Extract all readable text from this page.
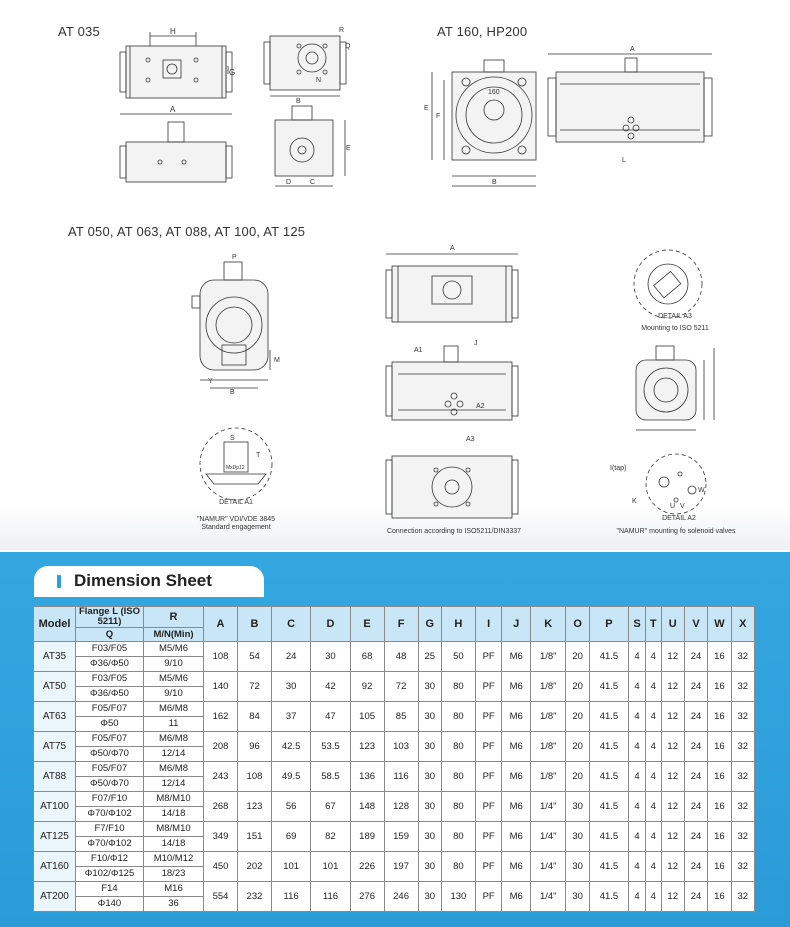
AT 035	AT 160, HP200
AT 050, AT 063, AT 088, AT 100, AT 125
H
G
A
160
R
Q
N
B
E
D	C
A
E
F
L
B
P
M
Y
B
A
A1
J
A2
A3
S
T
MxDp12	I(tap)
K
U V
W
DETAIL A1
"NAMUR" VDI/VDE 3845
Standard engagement
Connection according to ISO5211/DIN3337
DETAIL A3
Mounting to ISO 5211
DETAIL A2
"NAMUR" mounting fo solenoid valves
Dimension Sheet
Model	Flange L (ISO 5211)	R	A	B	C	D	E	F	G	H	I	J	K	O	P	S	T	U	V	W	X
	Q	M/N(Min)																			
AT35	F03/F05	M5/M6	108	54	24	30	68	48	25	50	PF	M6	1/8"	20	41.5	4	4	12	24	16	32
	Φ36/Φ50	9/10																			
AT50	F03/F05	M5/M6	140	72	30	42	92	72	30	80	PF	M6	1/8"	20	41.5	4	4	12	24	16	32
	Φ36/Φ50	9/10																			
AT63	F05/F07	M6/M8	162	84	37	47	105	85	30	80	PF	M6	1/8"	20	41.5	4	4	12	24	16	32
	Φ50	11																			
AT75	F05/F07	M6/M8	208	96	42.5	53.5	123	103	30	80	PF	M6	1/8"	20	41.5	4	4	12	24	16	32
	Φ50/Φ70	12/14																			
AT88	F05/F07	M6/M8	243	108	49.5	58.5	136	116	30	80	PF	M6	1/8"	20	41.5	4	4	12	24	16	32
	Φ50/Φ70	12/14																			
AT100	F07/F10	M8/M10	268	123	56	67	148	128	30	80	PF	M6	1/4"	30	41.5	4	4	12	24	16	32
	Φ70/Φ102	14/18																			
AT125	F7/F10	M8/M10	349	151	69	82	189	159	30	80	PF	M6	1/4"	30	41.5	4	4	12	24	16	32
	Φ70/Φ102	14/18																			
AT160	F10/Φ12	M10/M12	450	202	101	101	226	197	30	80	PF	M6	1/4"	30	41.5	4	4	12	24	16	32
	Φ102/Φ125	18/23																			
AT200	F14	M16	554	232	116	116	276	246	30	130	PF	M6	1/4"	30	41.5	4	4	12	24	16	32
	Φ140	36																			
